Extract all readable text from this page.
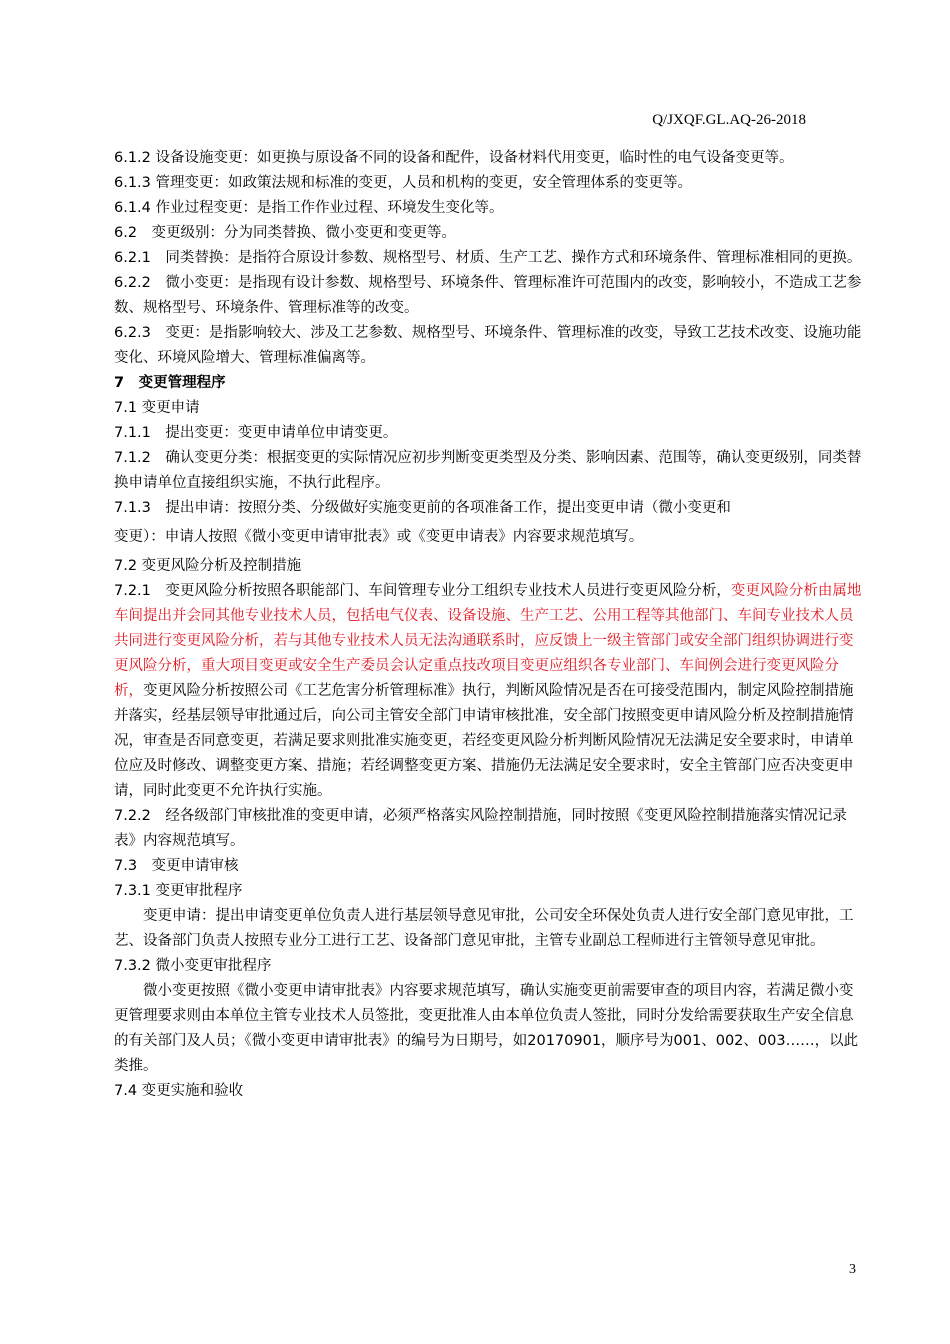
Q/JXQF.GL.AQ-26-2018

6.1.2 设备设施变更：如更换与原设备不同的设备和配件，设备材料代用变更，临时性的电气设备变更等。

6.1.3 管理变更：如政策法规和标准的变更，人员和机构的变更，安全管理体系的变更等。

6.1.4 作业过程变更：是指工作作业过程、环境发生变化等。

6.2　变更级别：分为同类替换、微小变更和变更等。

6.2.1　同类替换：是指符合原设计参数、规格型号、材质、生产工艺、操作方式和环境条件、管理标准相同的更换。

6.2.2　微小变更：是指现有设计参数、规格型号、环境条件、管理标准许可范围内的改变，影响较小，不造成工艺参数、规格型号、环境条件、管理标准等的改变。

6.2.3　变更：是指影响较大、涉及工艺参数、规格型号、环境条件、管理标准的改变，导致工艺技术改变、设施功能变化、环境风险增大、管理标准偏离等。

7　变更管理程序

7.1 变更申请

7.1.1　提出变更：变更申请单位申请变更。

7.1.2　确认变更分类：根据变更的实际情况应初步判断变更类型及分类、影响因素、范围等，确认变更级别，同类替换申请单位直接组织实施，不执行此程序。

7.1.3　提出申请：按照分类、分级做好实施变更前的各项准备工作，提出变更申请（微小变更和

变更）：申请人按照《微小变更申请审批表》或《变更申请表》内容要求规范填写。

7.2 变更风险分析及控制措施

7.2.1　变更风险分析按照各职能部门、车间管理专业分工组织专业技术人员进行变更风险分析，变更风险分析由属地车间提出并会同其他专业技术人员，包括电气仪表、设备设施、生产工艺、公用工程等其他部门、车间专业技术人员共同进行变更风险分析，若与其他专业技术人员无法沟通联系时，应反馈上一级主管部门或安全部门组织协调进行变更风险分析，重大项目变更或安全生产委员会认定重点技改项目变更应组织各专业部门、车间例会进行变更风险分析，变更风险分析按照公司《工艺危害分析管理标准》执行，判断风险情况是否在可接受范围内，制定风险控制措施并落实，经基层领导审批通过后，向公司主管安全部门申请审核批准，安全部门按照变更申请风险分析及控制措施情况，审查是否同意变更，若满足要求则批准实施变更，若经变更风险分析判断风险情况无法满足安全要求时，申请单位应及时修改、调整变更方案、措施；若经调整变更方案、措施仍无法满足安全要求时，安全主管部门应否决变更申请，同时此变更不允许执行实施。

7.2.2　经各级部门审核批准的变更申请，必须严格落实风险控制措施，同时按照《变更风险控制措施落实情况记录表》内容规范填写。

7.3　变更申请审核

7.3.1 变更审批程序

变更申请：提出申请变更单位负责人进行基层领导意见审批，公司安全环保处负责人进行安全部门意见审批，工艺、设备部门负责人按照专业分工进行工艺、设备部门意见审批，主管专业副总工程师进行主管领导意见审批。

7.3.2 微小变更审批程序

微小变更按照《微小变更申请审批表》内容要求规范填写，确认实施变更前需要审查的项目内容，若满足微小变更管理要求则由本单位主管专业技术人员签批，变更批准人由本单位负责人签批，同时分发给需要获取生产安全信息的有关部门及人员；《微小变更申请审批表》的编号为日期号，如20170901，顺序号为001、002、003……，以此类推。

7.4 变更实施和验收

3
